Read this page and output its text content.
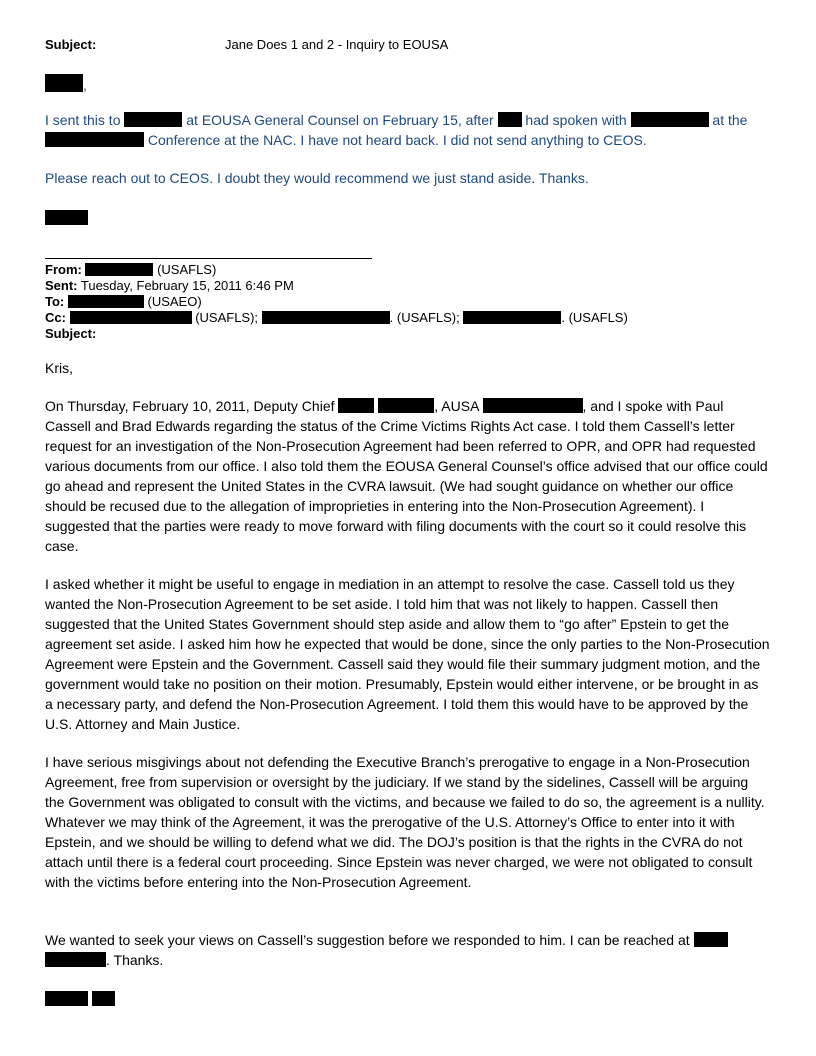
Subject:	Jane Does 1 and 2 - Inquiry to EOUSA
,
I sent this to	at EOUSA General Counsel on February 15, after  had spoken with	at the
Conference at the NAC. I have not heard back. I did not send anything to CEOS.
Please reach out to CEOS. I doubt they would recommend we just stand aside. Thanks.
From:	(USAFLS)
Sent: Tuesday, February 15, 2011 6:46 PM
To:	(USAEO)
Cc:	(USAFLS);	. (USAFLS);	. (USAFLS)
Subject:
Kris,
On Thursday, February 10, 2011, Deputy Chief	, AUSA	, and I spoke with Paul Cassell and Brad Edwards regarding the status of the Crime Victims Rights Act case. I told them Cassell’s letter request for an investigation of the Non-Prosecution Agreement had been referred to OPR, and OPR had requested various documents from our office. I also told them the EOUSA General Counsel’s office advised that our office could go ahead and represent the United States in the CVRA lawsuit. (We had sought guidance on whether our office should be recused due to the allegation of improprieties in entering into the Non-Prosecution Agreement). I suggested that the parties were ready to move forward with filing documents with the court so it could resolve this case.
I asked whether it might be useful to engage in mediation in an attempt to resolve the case. Cassell told us they wanted the Non-Prosecution Agreement to be set aside. I told him that was not likely to happen. Cassell then suggested that the United States Government should step aside and allow them to “go after” Epstein to get the agreement set aside. I asked him how he expected that would be done, since the only parties to the Non-Prosecution Agreement were Epstein and the Government. Cassell said they would file their summary judgment motion, and the government would take no position on their motion. Presumably, Epstein would either intervene, or be brought in as a necessary party, and defend the Non-Prosecution Agreement. I told them this would have to be approved by the U.S. Attorney and Main Justice.
I have serious misgivings about not defending the Executive Branch’s prerogative to engage in a Non-Prosecution Agreement, free from supervision or oversight by the judiciary. If we stand by the sidelines, Cassell will be arguing the Government was obligated to consult with the victims, and because we failed to do so, the agreement is a nullity. Whatever we may think of the Agreement, it was the prerogative of the U.S. Attorney’s Office to enter into it with Epstein, and we should be willing to defend what we did. The DOJ’s position is that the rights in the CVRA do not attach until there is a federal court proceeding. Since Epstein was never charged, we were not obligated to consult with the victims before entering into the Non-Prosecution Agreement.
We wanted to seek your views on Cassell’s suggestion before we responded to him. I can be reached at
. Thanks.
